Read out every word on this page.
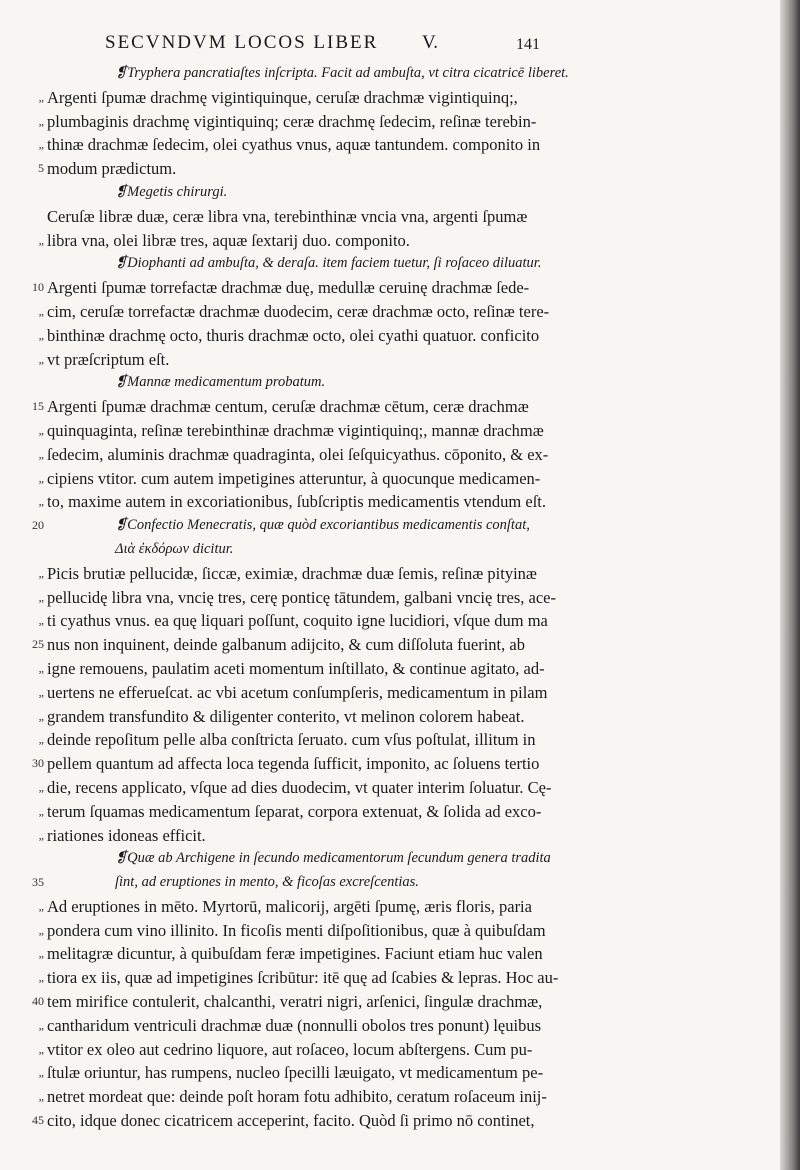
SECVNDVM LOCOS LIBER V.	141
❡Tryphera pancratiaſtes inſcripta. Facit ad ambuſta, vt citra cicatricē liberet.
„ Argenti ſpumæ drachmę vigintiquinque, ceruſæ drachmæ vigintiquinq;,
„ plumbaginis drachmę vigintiquinq; ceræ drachmę ſedecim, reſinæ terebin-
„ thinæ drachmæ ſedecim, olei cyathus vnus, aquæ tantundem. componito in
5 modum prædictum.
❡Megetis chirurgi.
Ceruſæ libræ duæ, ceræ libra vna, terebinthinæ vncia vna, argenti ſpumæ
„ libra vna, olei libræ tres, aquæ ſextarij duo. componito.
❡Diophanti ad ambuſta, & deraſa. item faciem tuetur, ſi roſaceo diluatur.
10 Argenti ſpumæ torrefactæ drachmæ duę, medullæ ceruinę drachmæ ſede-
„ cim, ceruſæ torrefactæ drachmæ duodecim, ceræ drachmæ octo, reſinæ tere-
„ binthinæ drachmę octo, thuris drachmæ octo, olei cyathi quatuor. conficito
„ vt præſcriptum eſt.
❡Mannæ medicamentum probatum.
15 Argenti ſpumæ drachmæ centum, ceruſæ drachmæ cētum, ceræ drachmæ
„ quinquaginta, reſinæ terebinthinæ drachmæ vigintiquinq;, mannæ drachmæ
„ ſedecim, aluminis drachmæ quadraginta, olei ſeſquicyathus. cōponito, & ex-
„ cipiens vtitor. cum autem impetigines atteruntur, à quocunque medicamen-
„ to, maxime autem in excoriationibus, ſubſcriptis medicamentis vtendum eſt.
20	❡Confectio Menecratis, quæ quòd excoriantibus medicamentis conſtat,
Διὰ ἐκδόρων dicitur.
„ Picis brutiæ pellucidæ, ſiccæ, eximiæ, drachmæ duæ ſemis, reſinæ pityinæ
„ pellucidę libra vna, vncię tres, cerę ponticę tātundem, galbani vncię tres, ace-
„ ti cyathus vnus. ea quę liquari poſſunt, coquito igne lucidiori, vſque dum ma
25 nus non inquinent, deinde galbanum adijcito, & cum diſſoluta fuerint, ab
„ igne remouens, paulatim aceti momentum inſtillato, & continue agitato, ad-
„ uertens ne efferueſcat. ac vbi acetum conſumpſeris, medicamentum in pilam
„ grandem transfundito & diligenter conterito, vt melinon colorem habeat.
„ deinde repoſitum pelle alba conſtricta ſeruato. cum vſus poſtulat, illitum in
30 pellem quantum ad affecta loca tegenda ſufficit, imponito, ac ſoluens tertio
„ die, recens applicato, vſque ad dies duodecim, vt quater interim ſoluatur. Cę-
„ terum ſquamas medicamentum ſeparat, corpora extenuat, & ſolida ad exco-
„ riationes idoneas efficit.
❡Quæ ab Archigene in ſecundo medicamentorum ſecundum genera tradita
35	ſint, ad eruptiones in mento, & ficoſas excreſcentias.
„ Ad eruptiones in mēto. Myrtorū, malicorij, argēti ſpumę, æris floris, paria
„ pondera cum vino illinito. In ficoſis menti diſpoſitionibus, quæ à quibuſdam
„ melitagræ dicuntur, à quibuſdam feræ impetigines. Faciunt etiam huc valen
„ tiora ex iis, quæ ad impetigines ſcribūtur: itē quę ad ſcabies & lepras. Hoc au-
40 tem mirifice contulerit, chalcanthi, veratri nigri, arſenici, ſingulæ drachmæ,
„ cantharidum ventriculi drachmæ duæ (nonnulli obolos tres ponunt) lęuibus
„ vtitor ex oleo aut cedrino liquore, aut roſaceo, locum abſtergens. Cum pu-
„ ſtulæ oriuntur, has rumpens, nucleo ſpecilli læuigato, vt medicamentum pe-
„ netret mordeat que: deinde poſt horam fotu adhibito, ceratum roſaceum inij-
45 cito, idque donec cicatricem acceperint, facito. Quòd ſi primo nō continet,
